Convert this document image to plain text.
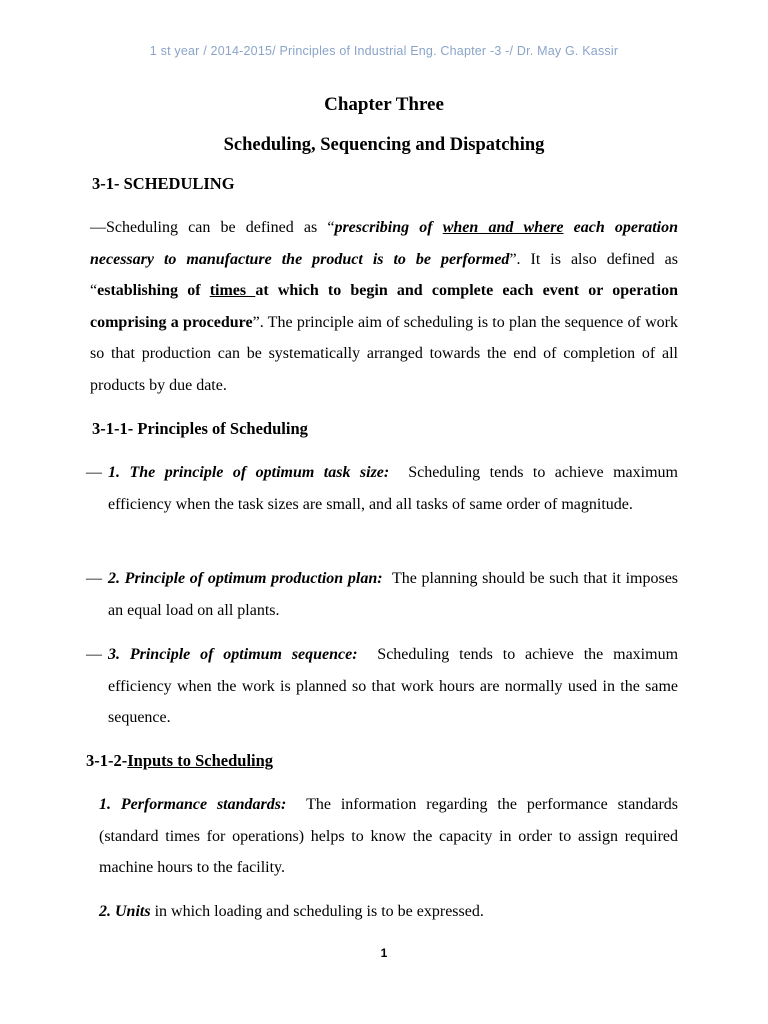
1 st year / 2014-2015/ Principles of Industrial Eng. Chapter -3 -/ Dr. May G. Kassir
Chapter Three
Scheduling, Sequencing and Dispatching
3-1- SCHEDULING
—Scheduling can be defined as “prescribing of when and where each operation necessary to manufacture the product is to be performed”. It is also defined as “establishing of times at which to begin and complete each event or operation comprising a procedure”. The principle aim of scheduling is to plan the sequence of work so that production can be systematically arranged towards the end of completion of all products by due date.
3-1-1- Principles of Scheduling
— 1. The principle of optimum task size: Scheduling tends to achieve maximum efficiency when the task sizes are small, and all tasks of same order of magnitude.
— 2. Principle of optimum production plan: The planning should be such that it imposes an equal load on all plants.
— 3. Principle of optimum sequence: Scheduling tends to achieve the maximum efficiency when the work is planned so that work hours are normally used in the same sequence.
3-1-2-Inputs to Scheduling
1. Performance standards: The information regarding the performance standards (standard times for operations) helps to know the capacity in order to assign required machine hours to the facility.
2. Units in which loading and scheduling is to be expressed.
1
